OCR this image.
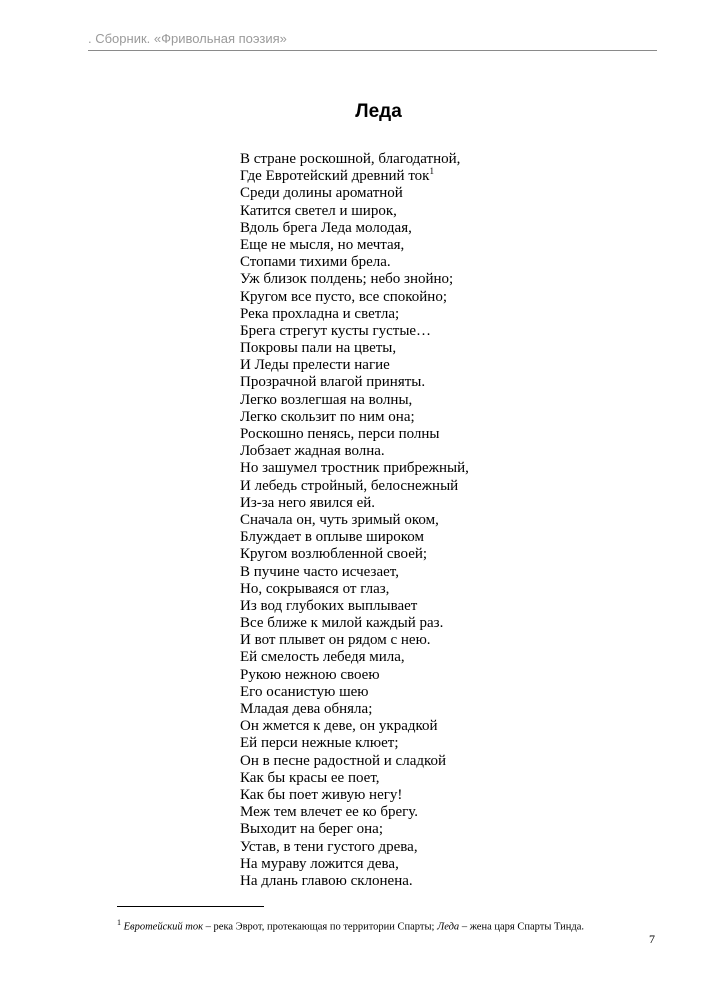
. Сборник. «Фривольная поэзия»
Леда
В стране роскошной, благодатной,
Где Евротейский древний ток$^1$
Среди долины ароматной
Катится светел и широк,
Вдоль брега Леда молодая,
Еще не мысля, но мечтая,
Стопами тихими брела.
Уж близок полдень; небо знойно;
Кругом все пусто, все спокойно;
Река прохладна и светла;
Брега стрегут кусты густые…
Покровы пали на цветы,
И Леды прелести нагие
Прозрачной влагой приняты.
Легко возлегшая на волны,
Легко скользит по ним она;
Роскошно пенясь, перси полны
Лобзает жадная волна.
Но зашумел тростник прибрежный,
И лебедь стройный, белоснежный
Из-за него явился ей.
Сначала он, чуть зримый оком,
Блуждает в оплыве широком
Кругом возлюбленной своей;
В пучине часто исчезает,
Но, сокрываяся от глаз,
Из вод глубоких выплывает
Все ближе к милой каждый раз.
И вот плывет он рядом с нею.
Ей смелость лебедя мила,
Рукою нежною своею
Его осанистую шею
Младая дева обняла;
Он жмется к деве, он украдкой
Ей перси нежные клюет;
Он в песне радостной и сладкой
Как бы красы ее поет,
Как бы поет живую негу!
Меж тем влечет ее ко брегу.
Выходит на берег она;
Устав, в тени густого древа,
На мураву ложится дева,
На длань главою склонена.
$^1$ Евротейский ток – река Эврот, протекающая по территории Спарты; Леда – жена царя Спарты Тинда.
7
